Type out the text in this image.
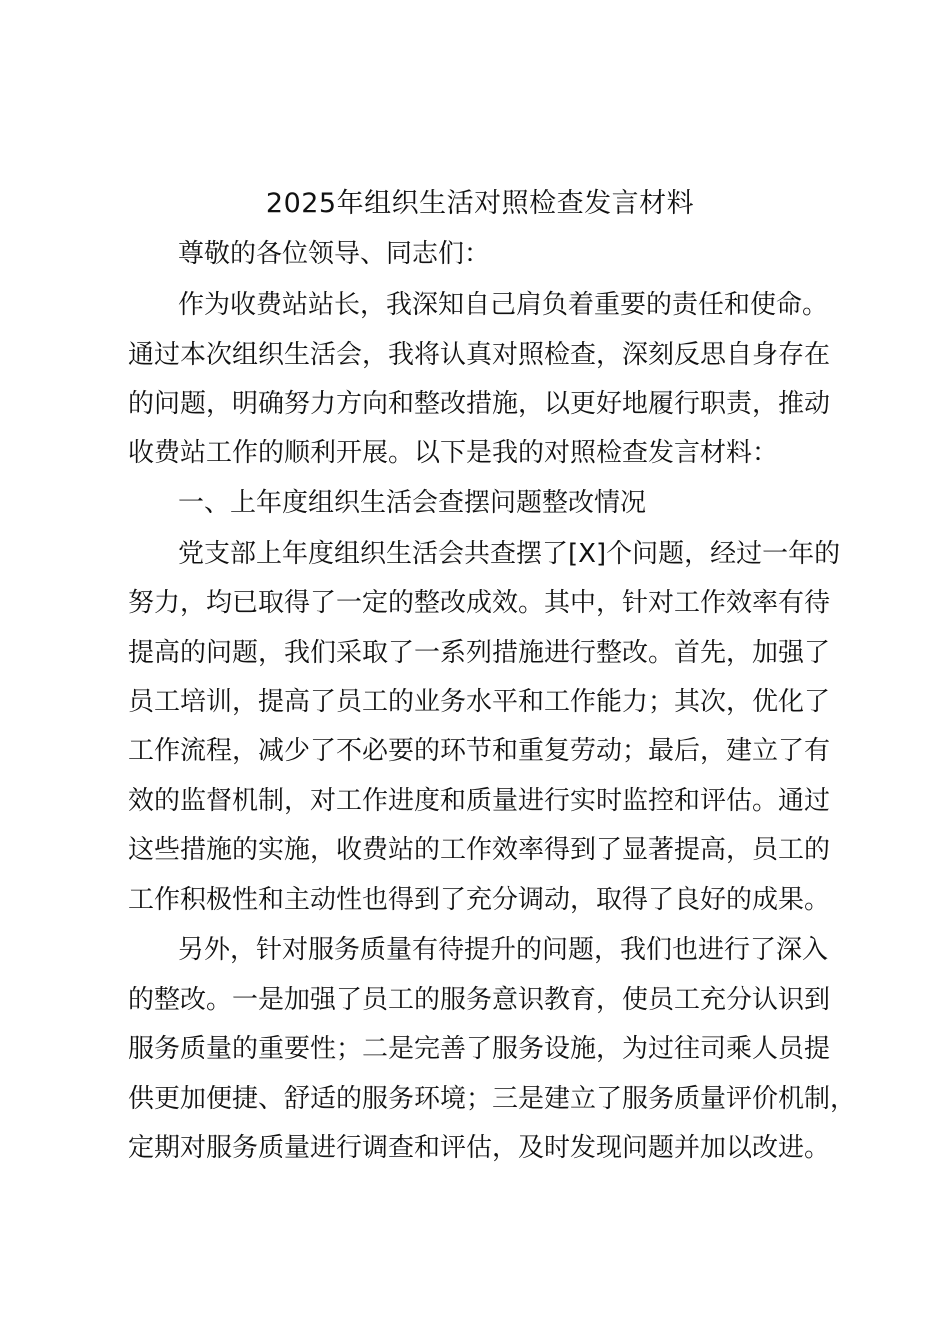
2025年组织生活对照检查发言材料

尊敬的各位领导、同志们：

作为收费站站长，我深知自己肩负着重要的责任和使命。

通过本次组织生活会，我将认真对照检查，深刻反思自身存在

的问题，明确努力方向和整改措施，以更好地履行职责，推动

收费站工作的顺利开展。以下是我的对照检查发言材料：

一、上年度组织生活会查摆问题整改情况

党支部上年度组织生活会共查摆了[X]个问题，经过一年的

努力，均已取得了一定的整改成效。其中，针对工作效率有待

提高的问题，我们采取了一系列措施进行整改。首先，加强了

员工培训，提高了员工的业务水平和工作能力；其次，优化了

工作流程，减少了不必要的环节和重复劳动；最后，建立了有

效的监督机制，对工作进度和质量进行实时监控和评估。通过

这些措施的实施，收费站的工作效率得到了显著提高，员工的

工作积极性和主动性也得到了充分调动，取得了良好的成果。

另外，针对服务质量有待提升的问题，我们也进行了深入

的整改。一是加强了员工的服务意识教育，使员工充分认识到

服务质量的重要性；二是完善了服务设施，为过往司乘人员提

供更加便捷、舒适的服务环境；三是建立了服务质量评价机制，

定期对服务质量进行调查和评估，及时发现问题并加以改进。
